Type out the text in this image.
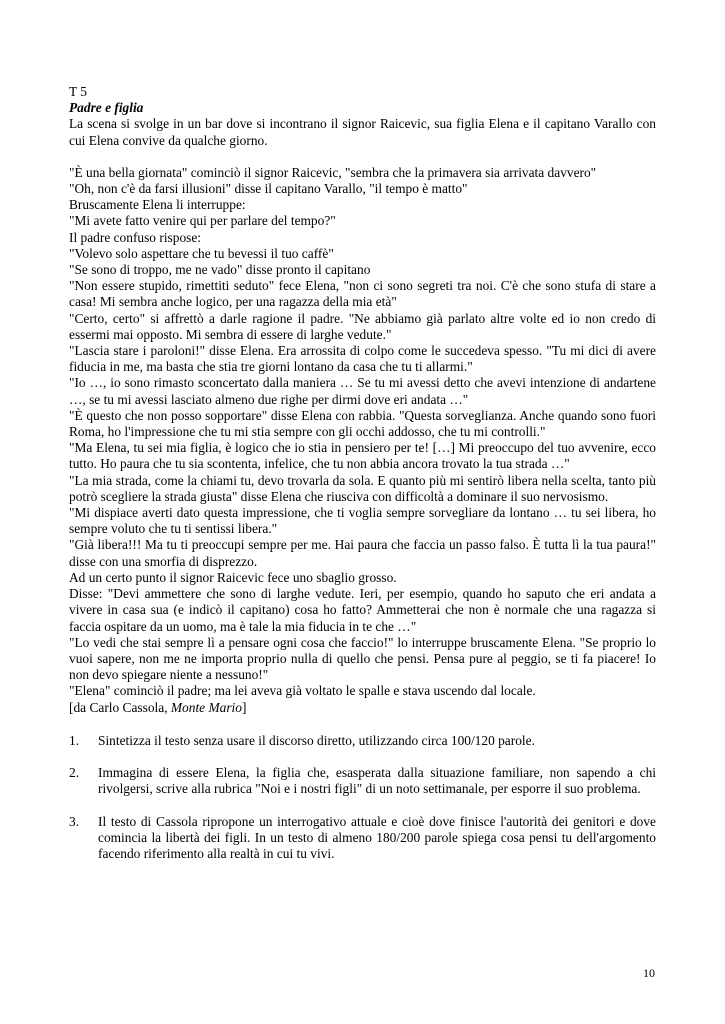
T 5

Padre e figlia

La scena si svolge in un bar dove si incontrano il signor Raicevic, sua figlia Elena e il capitano Varallo con cui Elena convive da qualche giorno.

"È una bella giornata" cominciò il signor Raicevic, "sembra che la primavera sia arrivata davvero"

"Oh, non c'è da farsi illusioni" disse il capitano Varallo, "il tempo è matto"

Bruscamente Elena li interruppe:

"Mi avete fatto venire qui per parlare del tempo?"

Il padre confuso rispose:

"Volevo solo aspettare che tu bevessi il tuo caffè"

"Se sono di troppo, me ne vado" disse pronto il capitano

"Non essere stupido, rimettiti seduto" fece Elena, "non ci sono segreti tra noi. C'è che sono stufa di stare a casa! Mi sembra anche logico, per una ragazza della mia età"

"Certo, certo" si affrettò a darle ragione il padre. "Ne abbiamo già parlato altre volte ed io non credo di essermi mai opposto. Mi sembra di essere di larghe vedute."

"Lascia stare i paroloni!" disse Elena. Era arrossita di colpo come le succedeva spesso. "Tu mi dici di avere fiducia in me, ma basta che stia tre giorni lontano da casa che tu ti allarmi."

"Io …, io sono rimasto sconcertato dalla maniera … Se tu mi avessi detto che avevi intenzione di andartene …, se tu mi avessi lasciato almeno due righe per dirmi dove eri andata …"

"È questo che non posso sopportare" disse Elena con rabbia. "Questa sorveglianza. Anche quando sono fuori Roma, ho l'impressione che tu mi stia sempre con gli occhi addosso, che tu mi controlli."

"Ma Elena, tu sei mia figlia, è logico che io stia in pensiero per te! […] Mi preoccupo del tuo avvenire, ecco tutto. Ho paura che tu sia scontenta, infelice, che tu non abbia ancora trovato la tua strada …"

"La mia strada, come la chiami tu, devo trovarla da sola. E quanto più mi sentirò libera nella scelta, tanto più potrò scegliere la strada giusta" disse Elena che riusciva con difficoltà a dominare il suo nervosismo.

"Mi dispiace averti dato questa impressione, che ti voglia sempre sorvegliare da lontano … tu sei libera, ho sempre voluto che tu ti sentissi libera."

"Già libera!!! Ma tu ti preoccupi sempre per me. Hai paura che faccia un passo falso. È tutta lì la tua paura!" disse con una smorfia di disprezzo.

Ad un certo punto il signor Raicevic fece uno sbaglio grosso.

Disse: "Devi ammettere che sono di larghe vedute. Ieri, per esempio, quando ho saputo che eri andata a vivere in casa sua (e indicò il capitano) cosa ho fatto? Ammetterai che non è normale che una ragazza si faccia ospitare da un uomo, ma è tale la mia fiducia in te che …"

"Lo vedi che stai sempre lì a pensare ogni cosa che faccio!" lo interruppe bruscamente Elena. "Se proprio lo vuoi sapere, non me ne importa proprio nulla di quello che pensi. Pensa pure al peggio, se ti fa piacere! Io non devo spiegare niente a nessuno!"

"Elena" cominciò il padre; ma lei aveva già voltato le spalle e stava uscendo dal locale.

[da Carlo Cassola, Monte Mario]

1.	Sintetizza il testo senza usare il discorso diretto, utilizzando circa 100/120 parole.
2.	Immagina di essere Elena, la figlia che, esasperata dalla situazione familiare, non sapendo a chi rivolgersi, scrive alla rubrica "Noi e i nostri figli" di un noto settimanale, per esporre il suo problema.
3.	Il testo di Cassola ripropone un interrogativo attuale e cioè dove finisce l'autorità dei genitori e dove comincia la libertà dei figli. In un testo di almeno 180/200 parole spiega cosa pensi tu dell'argomento facendo riferimento alla realtà in cui tu vivi.
10
